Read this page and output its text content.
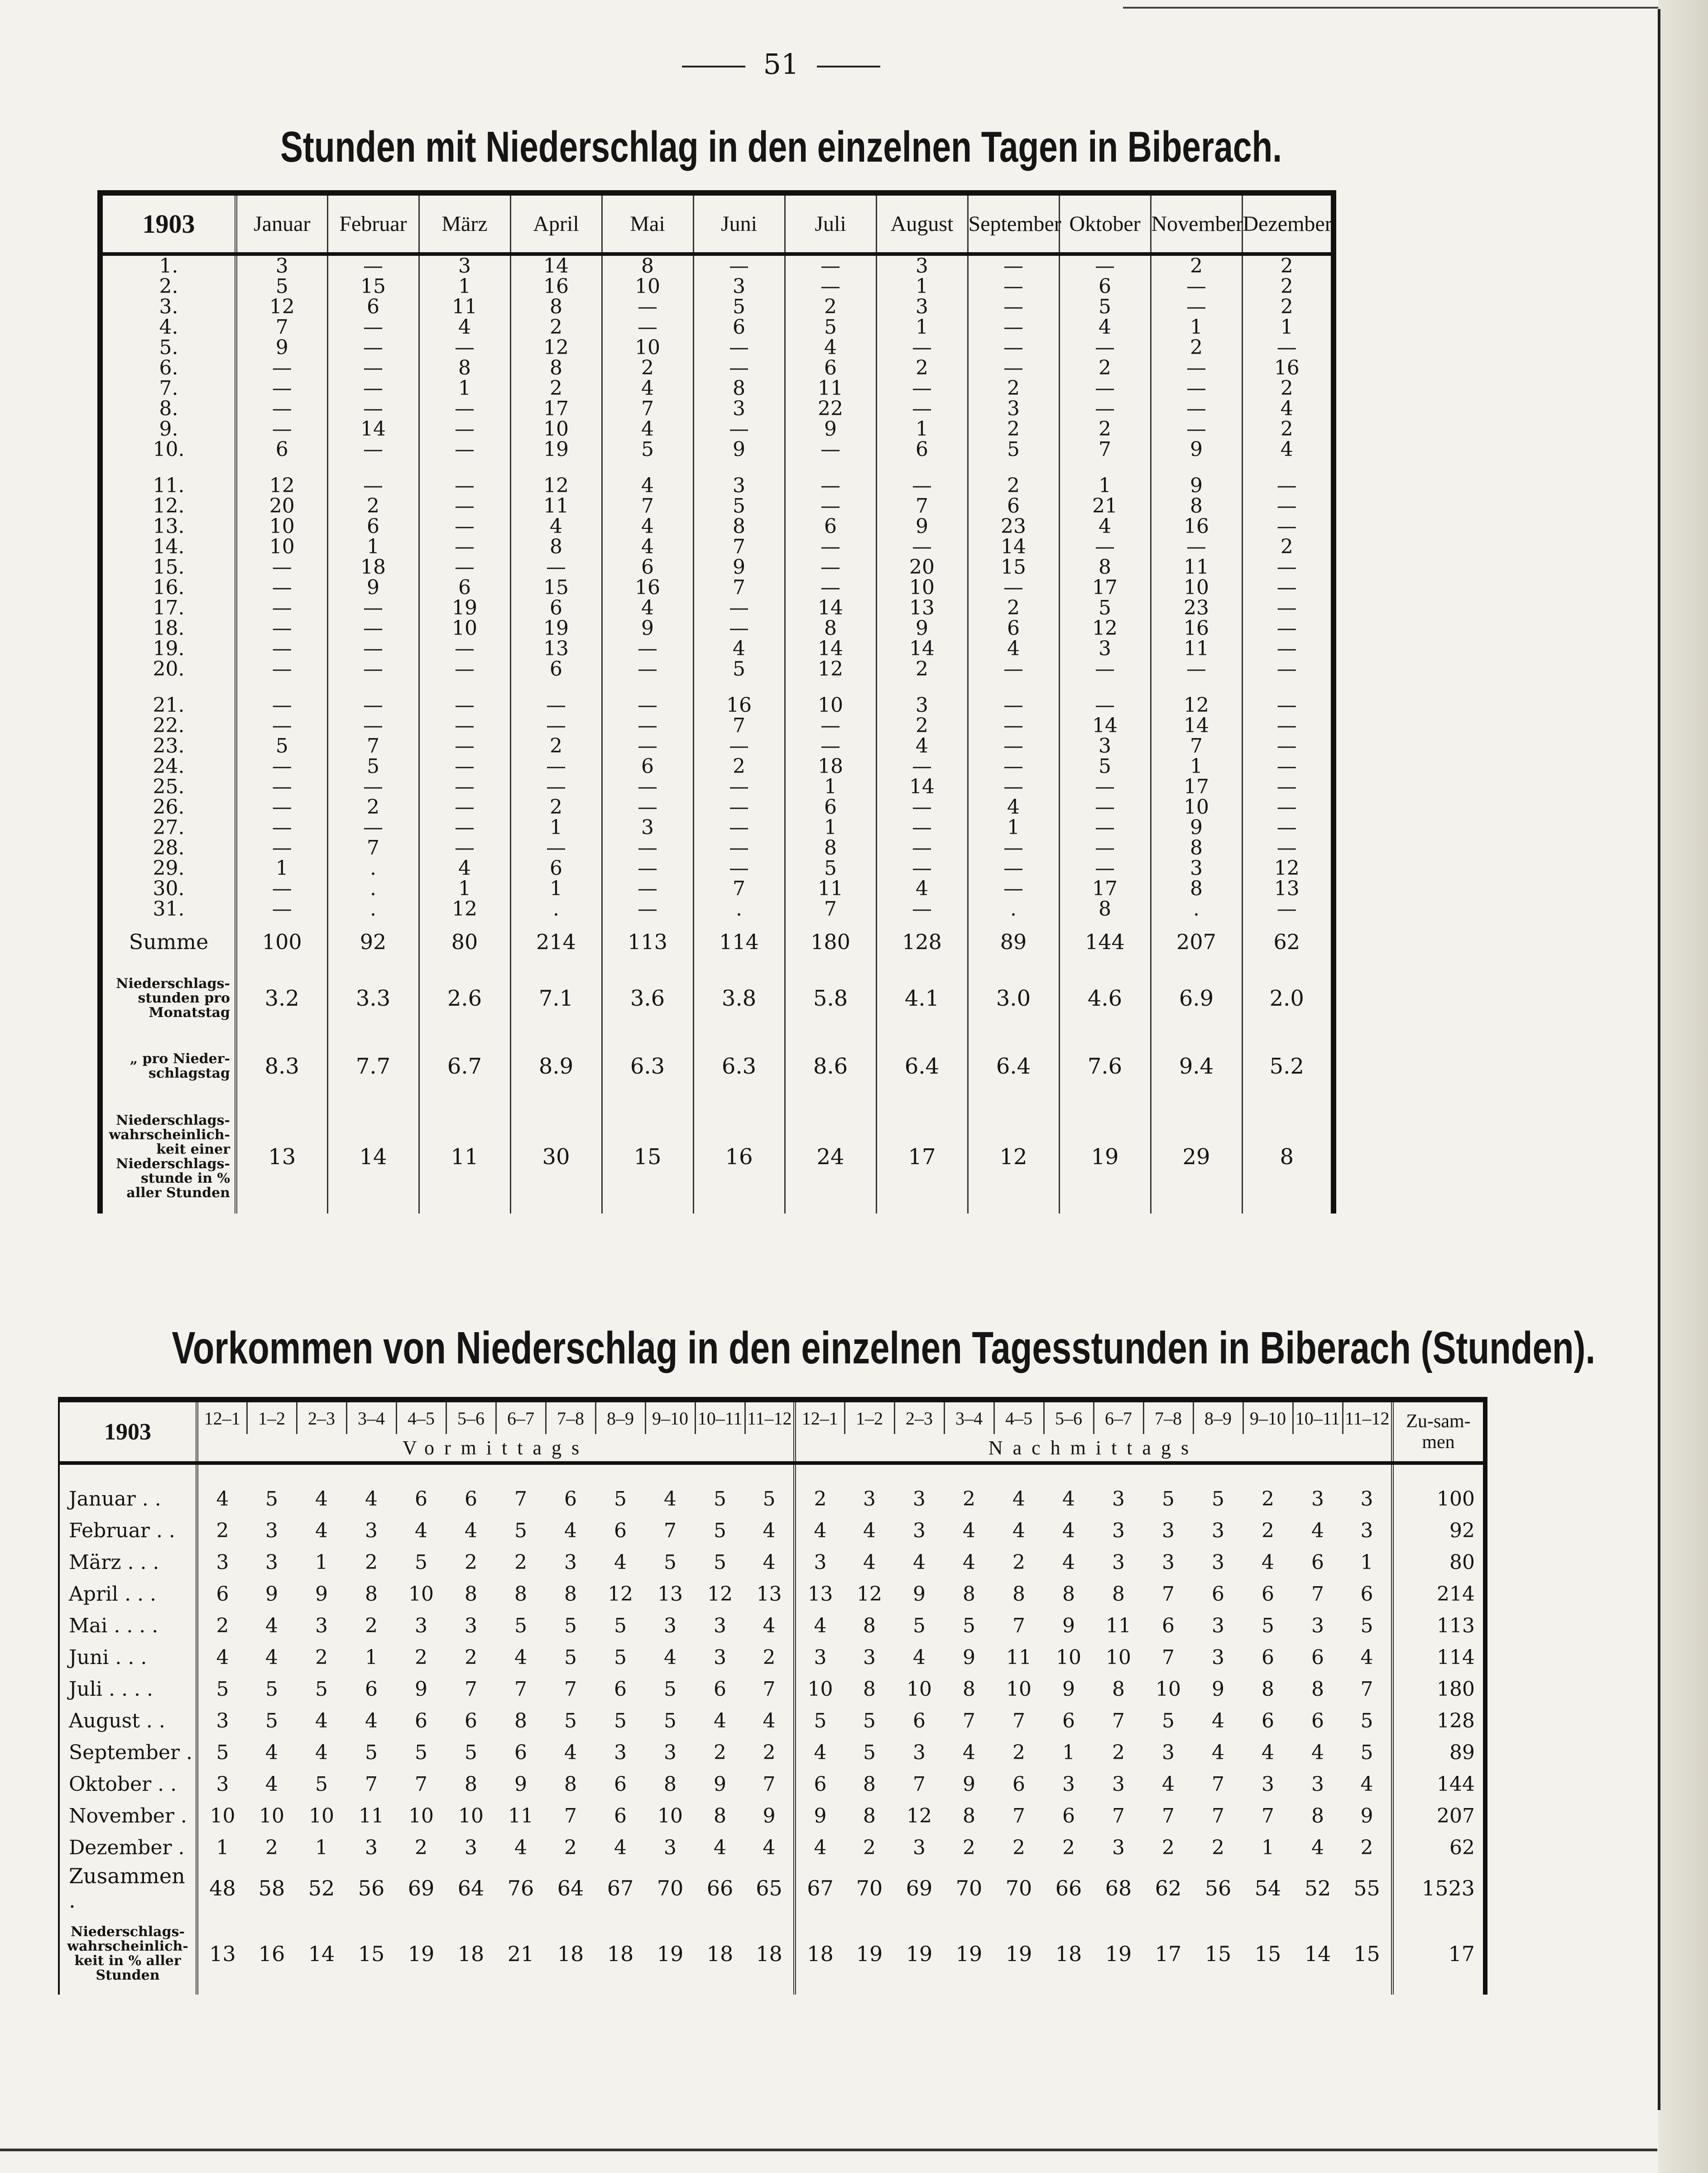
51
Stunden mit Niederschlag in den einzelnen Tagen in Biberach.
1903	Januar	Februar	März	April	Mai	Juni	Juli	August	September	Oktober	November	Dezember
1.	3	—	3	14	8	—	—	3	—	—	2	2
2.	5	15	1	16	10	3	—	1	—	6	—	2
3.	12	6	11	8	—	5	2	3	—	5	—	2
4.	7	—	4	2	—	6	5	1	—	4	1	1
5.	9	—	—	12	10	—	4	—	—	—	2	—
6.	—	—	8	8	2	—	6	2	—	2	—	16
7.	—	—	1	2	4	8	11	—	2	—	—	2
8.	—	—	—	17	7	3	22	—	3	—	—	4
9.	—	14	—	10	4	—	9	1	2	2	—	2
10.	6	—	—	19	5	9	—	6	5	7	9	4

11.	12	—	—	12	4	3	—	—	2	1	9	—
12.	20	2	—	11	7	5	—	7	6	21	8	—
13.	10	6	—	4	4	8	6	9	23	4	16	—
14.	10	1	—	8	4	7	—	—	14	—	—	2
15.	—	18	—	—	6	9	—	20	15	8	11	—
16.	—	9	6	15	16	7	—	10	—	17	10	—
17.	—	—	19	6	4	—	14	13	2	5	23	—
18.	—	—	10	19	9	—	8	9	6	12	16	—
19.	—	—	—	13	—	4	14	14	4	3	11	—
20.	—	—	—	6	—	5	12	2	—	—	—	—

21.	—	—	—	—	—	16	10	3	—	—	12	—
22.	—	—	—	—	—	7	—	2	—	14	14	—
23.	5	7	—	2	—	—	—	4	—	3	7	—
24.	—	5	—	—	6	2	18	—	—	5	1	—
25.	—	—	—	—	—	—	1	14	—	—	17	—
26.	—	2	—	2	—	—	6	—	4	—	10	—
27.	—	—	—	1	3	—	1	—	1	—	9	—
28.	—	7	—	—	—	—	8	—	—	—	8	—
29.	1	.	4	6	—	—	5	—	—	—	3	12
30.	—	.	1	1	—	7	11	4	—	17	8	13
31.	—	.	12	.	—	.	7	—	.	8	.	—
Summe	100	92	80	214	113	114	180	128	89	144	207	62
Niederschlags-stunden pro Monatstag	3.2	3.3	2.6	7.1	3.6	3.8	5.8	4.1	3.0	4.6	6.9	2.0
„ pro Nieder-schlagstag	8.3	7.7	6.7	8.9	6.3	6.3	8.6	6.4	6.4	7.6	9.4	5.2
Niederschlags-wahrscheinlich-keit einer Niederschlags-stunde in % aller Stunden	13	14	11	30	15	16	24	17	12	19	29	8
Vorkommen von Niederschlag in den einzelnen Tagesstunden in Biberach (Stunden).
1903	12–1	1–2	2–3	3–4	4–5	5–6	6–7	7–8	8–9	9–10	10–11	11–12	12–1	1–2	2–3	3–4	4–5	5–6	6–7	7–8	8–9	9–10	10–11	11–12	Zu-sam-men
	Vormittags												Nachmittags												
Januar . .	4	5	4	4	6	6	7	6	5	4	5	5	2	3	3	2	4	4	3	5	5	2	3	3	100
Februar . .	2	3	4	3	4	4	5	4	6	7	5	4	4	4	3	4	4	4	3	3	3	2	4	3	92
März . . .	3	3	1	2	5	2	2	3	4	5	5	4	3	4	4	4	2	4	3	3	3	4	6	1	80
April . . .	6	9	9	8	10	8	8	8	12	13	12	13	13	12	9	8	8	8	8	7	6	6	7	6	214
Mai . . . .	2	4	3	2	3	3	5	5	5	3	3	4	4	8	5	5	7	9	11	6	3	5	3	5	113
Juni . . .	4	4	2	1	2	2	4	5	5	4	3	2	3	3	4	9	11	10	10	7	3	6	6	4	114
Juli . . . .	5	5	5	6	9	7	7	7	6	5	6	7	10	8	10	8	10	9	8	10	9	8	8	7	180
August . .	3	5	4	4	6	6	8	5	5	5	4	4	5	5	6	7	7	6	7	5	4	6	6	5	128
September .	5	4	4	5	5	5	6	4	3	3	2	2	4	5	3	4	2	1	2	3	4	4	4	5	89
Oktober . .	3	4	5	7	7	8	9	8	6	8	9	7	6	8	7	9	6	3	3	4	7	3	3	4	144
November .	10	10	10	11	10	10	11	7	6	10	8	9	9	8	12	8	7	6	7	7	7	7	8	9	207
Dezember .	1	2	1	3	2	3	4	2	4	3	4	4	4	2	3	2	2	2	3	2	2	1	4	2	62
Zusammen .	48	58	52	56	69	64	76	64	67	70	66	65	67	70	69	70	70	66	68	62	56	54	52	55	1523
Niederschlags-wahrscheinlich-keit in % aller Stunden	13	16	14	15	19	18	21	18	18	19	18	18	18	19	19	19	19	18	19	17	15	15	14	15	17
